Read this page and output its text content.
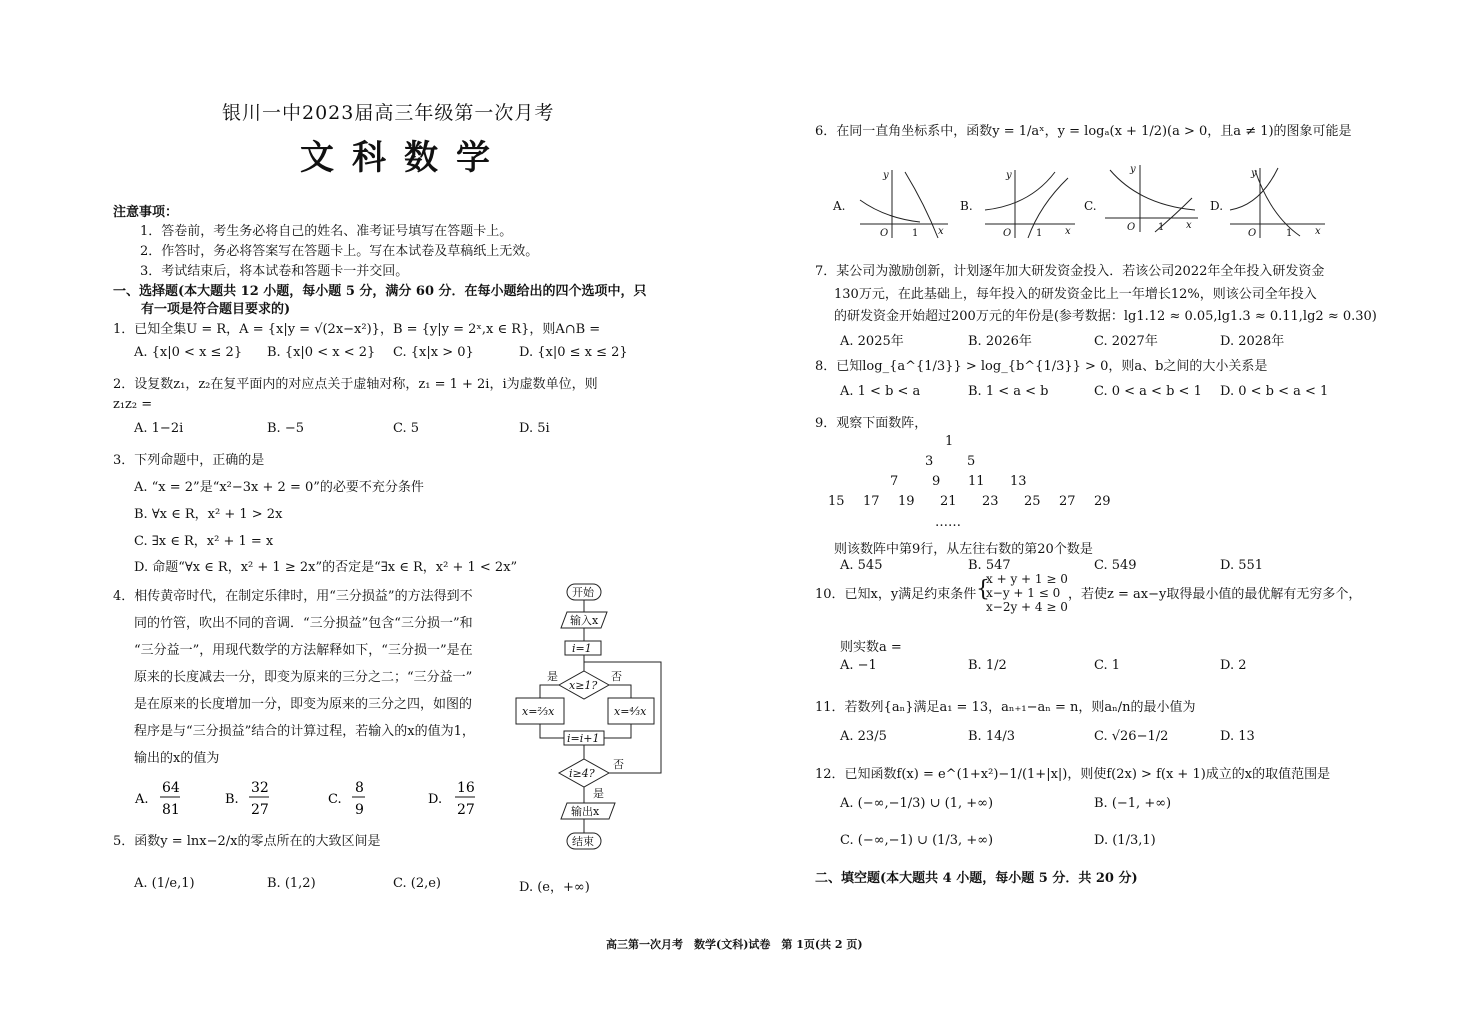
银川一中2023届高三年级第一次月考
文科数学
注意事项：
1．答卷前，考生务必将自己的姓名、准考证号填写在答题卡上。
2．作答时，务必将答案写在答题卡上。写在本试卷及草稿纸上无效。
3．考试结束后，将本试卷和答题卡一并交回。
一、选择题(本大题共 12 小题，每小题 5 分，满分 60 分．在每小题给出的四个选项中，只
有一项是符合题目要求的)
1．已知全集U = R，A = {x|y = √(2x−x²)}，B = {y|y = 2ˣ,x ∈ R}，则A∩B =
A. {x|0 < x ≤ 2} B. {x|0 < x < 2} C. {x|x > 0}	D. {x|0 ≤ x ≤ 2}
2．设复数z₁，z₂在复平面内的对应点关于虚轴对称，z₁ = 1 + 2i，i为虚数单位，则
z₁z₂ =
A. 1−2i	B. −5	C. 5	D. 5i
3．下列命题中，正确的是
A. “x = 2”是“x²−3x + 2 = 0”的必要不充分条件
B. ∀x ∈ R，x² + 1 > 2x
C. ∃x ∈ R，x² + 1 = x
D. 命题“∀x ∈ R，x² + 1 ≥ 2x”的否定是“∃x ∈ R，x² + 1 < 2x”
4．相传黄帝时代，在制定乐律时，用“三分损益”的方法得到不
同的竹管，吹出不同的音调．“三分损益”包含“三分损一”和
“三分益一”，用现代数学的方法解释如下，“三分损一”是在
原来的长度减去一分，即变为原来的三分之二；“三分益一”
是在原来的长度增加一分，即变为原来的三分之四，如图的
程序是与“三分损益”结合的计算过程，若输入的x的值为1，
输出的x的值为
A.
64
81
B.
32
27
C.
8
9
D.
16
27
开始
输入x
i=1
x≥1?
是	否
x=⅔x	x=⁴⁄₃x
i=i+1
i≥4?
否
是
输出x
结束
5．函数y = lnx−2/x的零点所在的大致区间是
A. (1/e,1)	B. (1,2)	C. (2,e)	D. (e，+∞)
6．在同一直角坐标系中，函数y = 1/aˣ，y = logₐ(x + 1/2)(a > 0，且a ≠ 1)的图象可能是
A.	B.	C.	D.
y
O 1 x
y
O 1 x
y
O 1 x
y
O	1 x
7．某公司为激励创新，计划逐年加大研发资金投入．若该公司2022年全年投入研发资金
130万元，在此基础上，每年投入的研发资金比上一年增长12%，则该公司全年投入
的研发资金开始超过200万元的年份是(参考数据：lg1.12 ≈ 0.05,lg1.3 ≈ 0.11,lg2 ≈ 0.30)
A. 2025年	B. 2026年	C. 2027年	D. 2028年
8．已知log_{a^{1/3}} > log_{b^{1/3}} > 0，则a、b之间的大小关系是
A. 1 < b < a	B. 1 < a < b	C. 0 < a < b < 1 D. 0 < b < a < 1
9．观察下面数阵，
1
3	5
7	9 11 13
15 17 19 21 23 25 27 29
……
则该数阵中第9行，从左往右数的第20个数是
A. 545	B. 547	C. 549	D. 551
10．已知x，y满足约束条件 {
x + y + 1 ≥ 0
x−y + 1 ≤ 0
x−2y + 4 ≥ 0
，若使z = ax−y取得最小值的最优解有无穷多个，
则实数a =
A. −1	B. 1/2	C. 1	D. 2
11．若数列{aₙ}满足a₁ = 13，aₙ₊₁−aₙ = n，则aₙ/n的最小值为
A. 23/5	B. 14/3	C. √26−1/2	D. 13
12．已知函数f(x) = e^(1+x²)−1/(1+|x|)，则使f(2x) > f(x + 1)成立的x的取值范围是
A. (−∞,−1/3) ∪ (1, +∞)	B. (−1, +∞)
C. (−∞,−1) ∪ (1/3, +∞)	D. (1/3,1)
二、填空题(本大题共 4 小题，每小题 5 分．共 20 分)
高三第一次月考　数学(文科)试卷　第 1页(共 2 页)
